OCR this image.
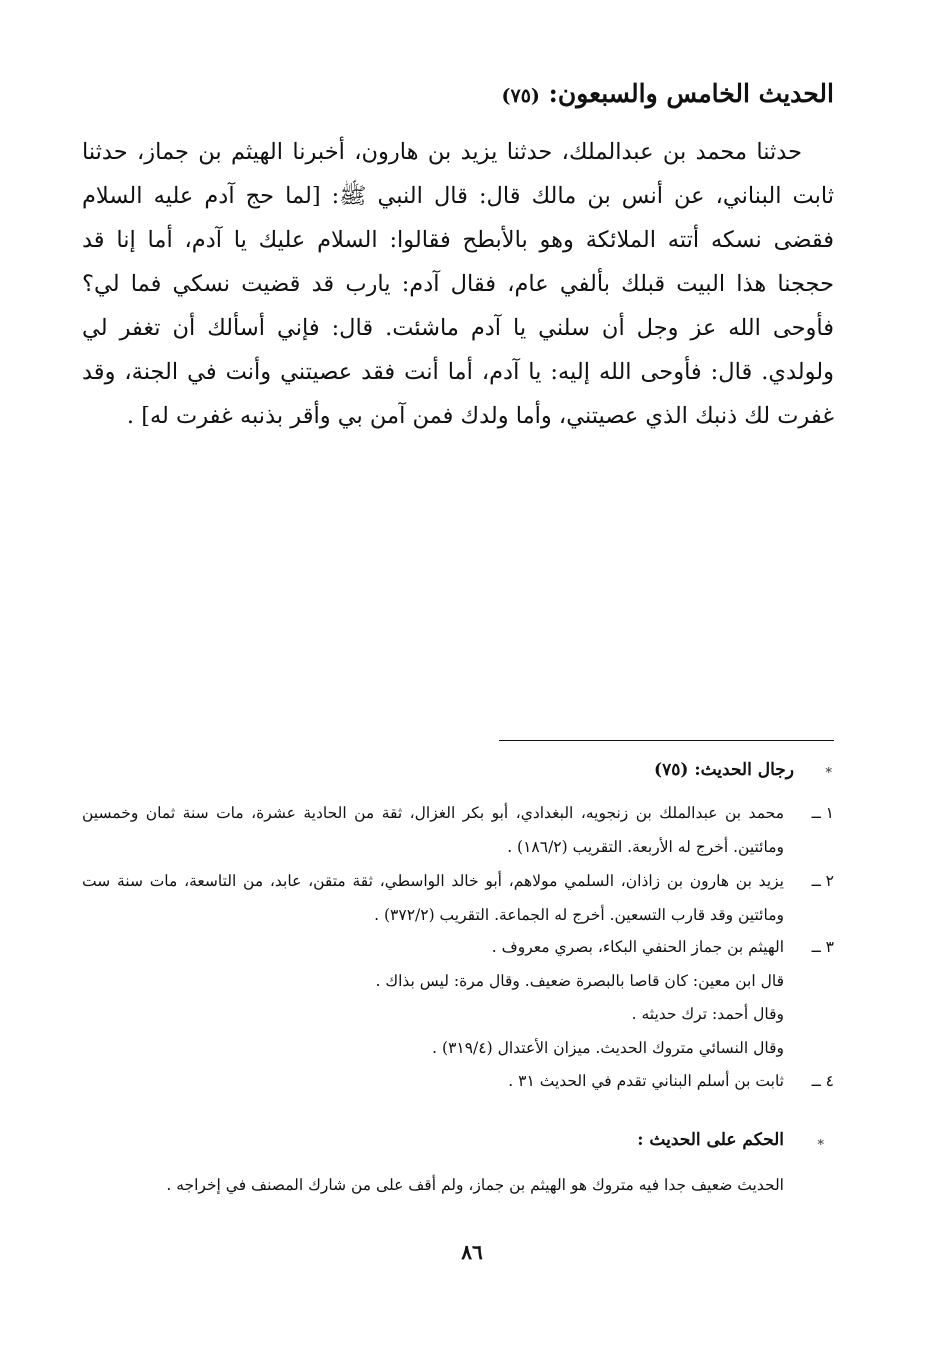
الحديث الخامس والسبعون: (٧٥)

حدثنا محمد بن عبدالملك، حدثنا يزيد بن هارون، أخبرنا الهيثم بن جماز، حدثنا ثابت البناني، عن أنس بن مالك قال: قال النبي ﷺ: [لما حج آدم عليه السلام فقضى نسكه أتته الملائكة وهو بالأبطح فقالوا: السلام عليك يا آدم، أما إنا قد حججنا هذا البيت قبلك بألفي عام، فقال آدم: يارب قد قضيت نسكي فما لي؟ فأوحى الله عز وجل أن سلني يا آدم ماشئت. قال: فإني أسألك أن تغفر لي ولولدي. قال: فأوحى الله إليه: يا آدم، أما أنت فقد عصيتني وأنت في الجنة، وقد غفرت لك ذنبك الذي عصيتني، وأما ولدك فمن آمن بي وأقر بذنبه غفرت له] .

*
رجال الحديث: (٧٥)
١ ــ
محمد بن عبدالملك بن زنجويه، البغدادي، أبو بكر الغزال، ثقة من الحادية عشرة، مات سنة ثمان وخمسين ومائتين. أخرج له الأربعة. التقريب (١٨٦/٢) .
٢ ــ
يزيد بن هارون بن زاذان، السلمي مولاهم، أبو خالد الواسطي، ثقة متقن، عابد، من التاسعة، مات سنة ست ومائتين وقد قارب التسعين. أخرج له الجماعة. التقريب (٣٧٢/٢) .
٣ ــ
الهيثم بن جماز الحنفي البكاء، بصري معروف .
قال ابن معين: كان قاصا بالبصرة ضعيف. وقال مرة: ليس بذاك .
وقال أحمد: ترك حديثه .
وقال النسائي متروك الحديث. ميزان الأعتدال (٣١٩/٤) .
٤ ــ
ثابت بن أسلم البناني تقدم في الحديث ٣١ .
*
الحكم على الحديث :
الحديث ضعيف جدا فيه متروك هو الهيثم بن جماز، ولم أقف على من شارك المصنف في إخراجه .
٨٦
